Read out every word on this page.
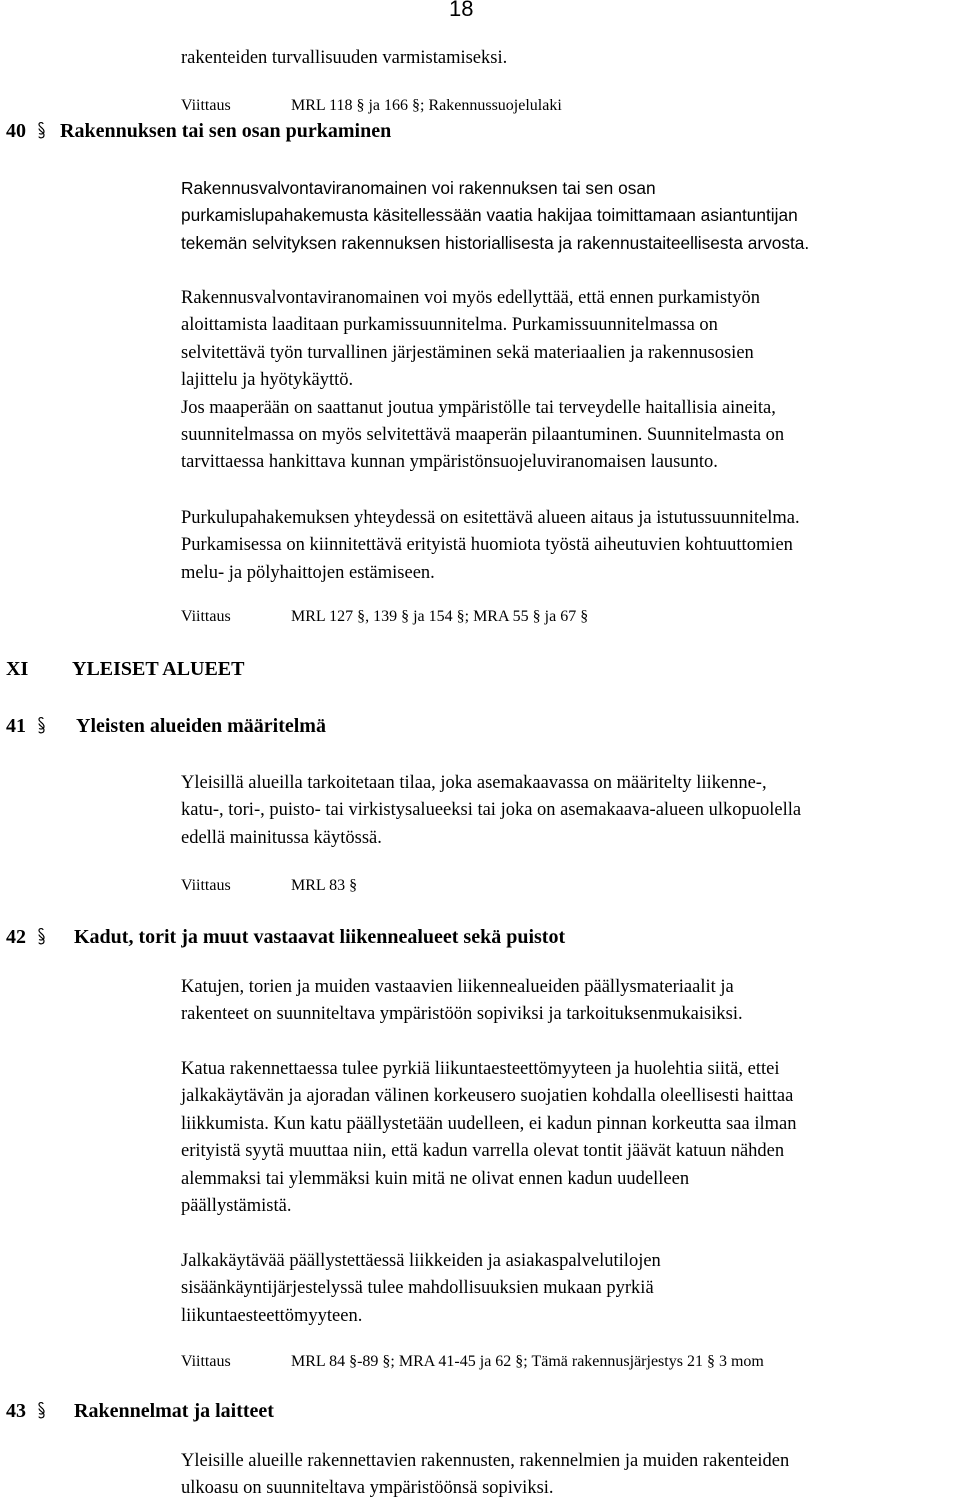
18
rakenteiden turvallisuuden varmistamiseksi.
Viittaus	MRL 118 § ja 166 §; Rakennussuojelulaki
40 Rakennuksen tai sen osan purkaminen

Rakennusvalvontaviranomainen voi rakennuksen tai sen osan

purkamislupahakemusta käsitellessään vaatia hakijaa toimittamaan asiantuntijan

tekemän selvityksen rakennuksen historiallisesta ja rakennustaiteellisesta arvosta.

Rakennusvalvontaviranomainen voi myös edellyttää, että ennen purkamistyön

aloittamista laaditaan purkamissuunnitelma. Purkamissuunnitelmassa on

selvitettävä työn turvallinen järjestäminen sekä materiaalien ja rakennusosien

lajittelu ja hyötykäyttö.

Jos maaperään on saattanut joutua ympäristölle tai terveydelle haitallisia aineita,

suunnitelmassa on myös selvitettävä maaperän pilaantuminen. Suunnitelmasta on

tarvittaessa hankittava kunnan ympäristönsuojeluviranomaisen lausunto.

Purkulupahakemuksen yhteydessä on esitettävä alueen aitaus ja istutussuunnitelma.

Purkamisessa on kiinnitettävä erityistä huomiota työstä aiheutuvien kohtuuttomien

melu- ja pölyhaittojen estämiseen.

Viittaus	MRL 127 §, 139 § ja 154 §; MRA 55 § ja 67 §
XI YLEISET ALUEET
41	Yleisten alueiden määritelmä

Yleisillä alueilla tarkoitetaan tilaa, joka asemakaavassa on määritelty liikenne-,

katu-, tori-, puisto- tai virkistysalueeksi tai joka on asemakaava-alueen ulkopuolella

edellä mainitussa käytössä.

Viittaus	MRL 83 §
42 Kadut, torit ja muut vastaavat liikennealueet sekä puistot

Katujen, torien ja muiden vastaavien liikennealueiden päällysmateriaalit ja

rakenteet on suunniteltava ympäristöön sopiviksi ja tarkoituksenmukaisiksi.

Katua rakennettaessa tulee pyrkiä liikuntaesteettömyyteen ja huolehtia siitä, ettei

jalkakäytävän ja ajoradan välinen korkeusero suojatien kohdalla oleellisesti haittaa

liikkumista. Kun katu päällystetään uudelleen, ei kadun pinnan korkeutta saa ilman

erityistä syytä muuttaa niin, että kadun varrella olevat tontit jäävät katuun nähden

alemmaksi tai ylemmäksi kuin mitä ne olivat ennen kadun uudelleen

päällystämistä.

Jalkakäytävää päällystettäessä liikkeiden ja asiakaspalvelutilojen

sisäänkäyntijärjestelyssä tulee mahdollisuuksien mukaan pyrkiä

liikuntaesteettömyyteen.

Viittaus	MRL 84 §-89 §; MRA 41-45 ja 62 §; Tämä rakennusjärjestys 21 § 3 mom
43 Rakennelmat ja laitteet

Yleisille alueille rakennettavien rakennusten, rakennelmien ja muiden rakenteiden

ulkoasu on suunniteltava ympäristöönsä sopiviksi.
